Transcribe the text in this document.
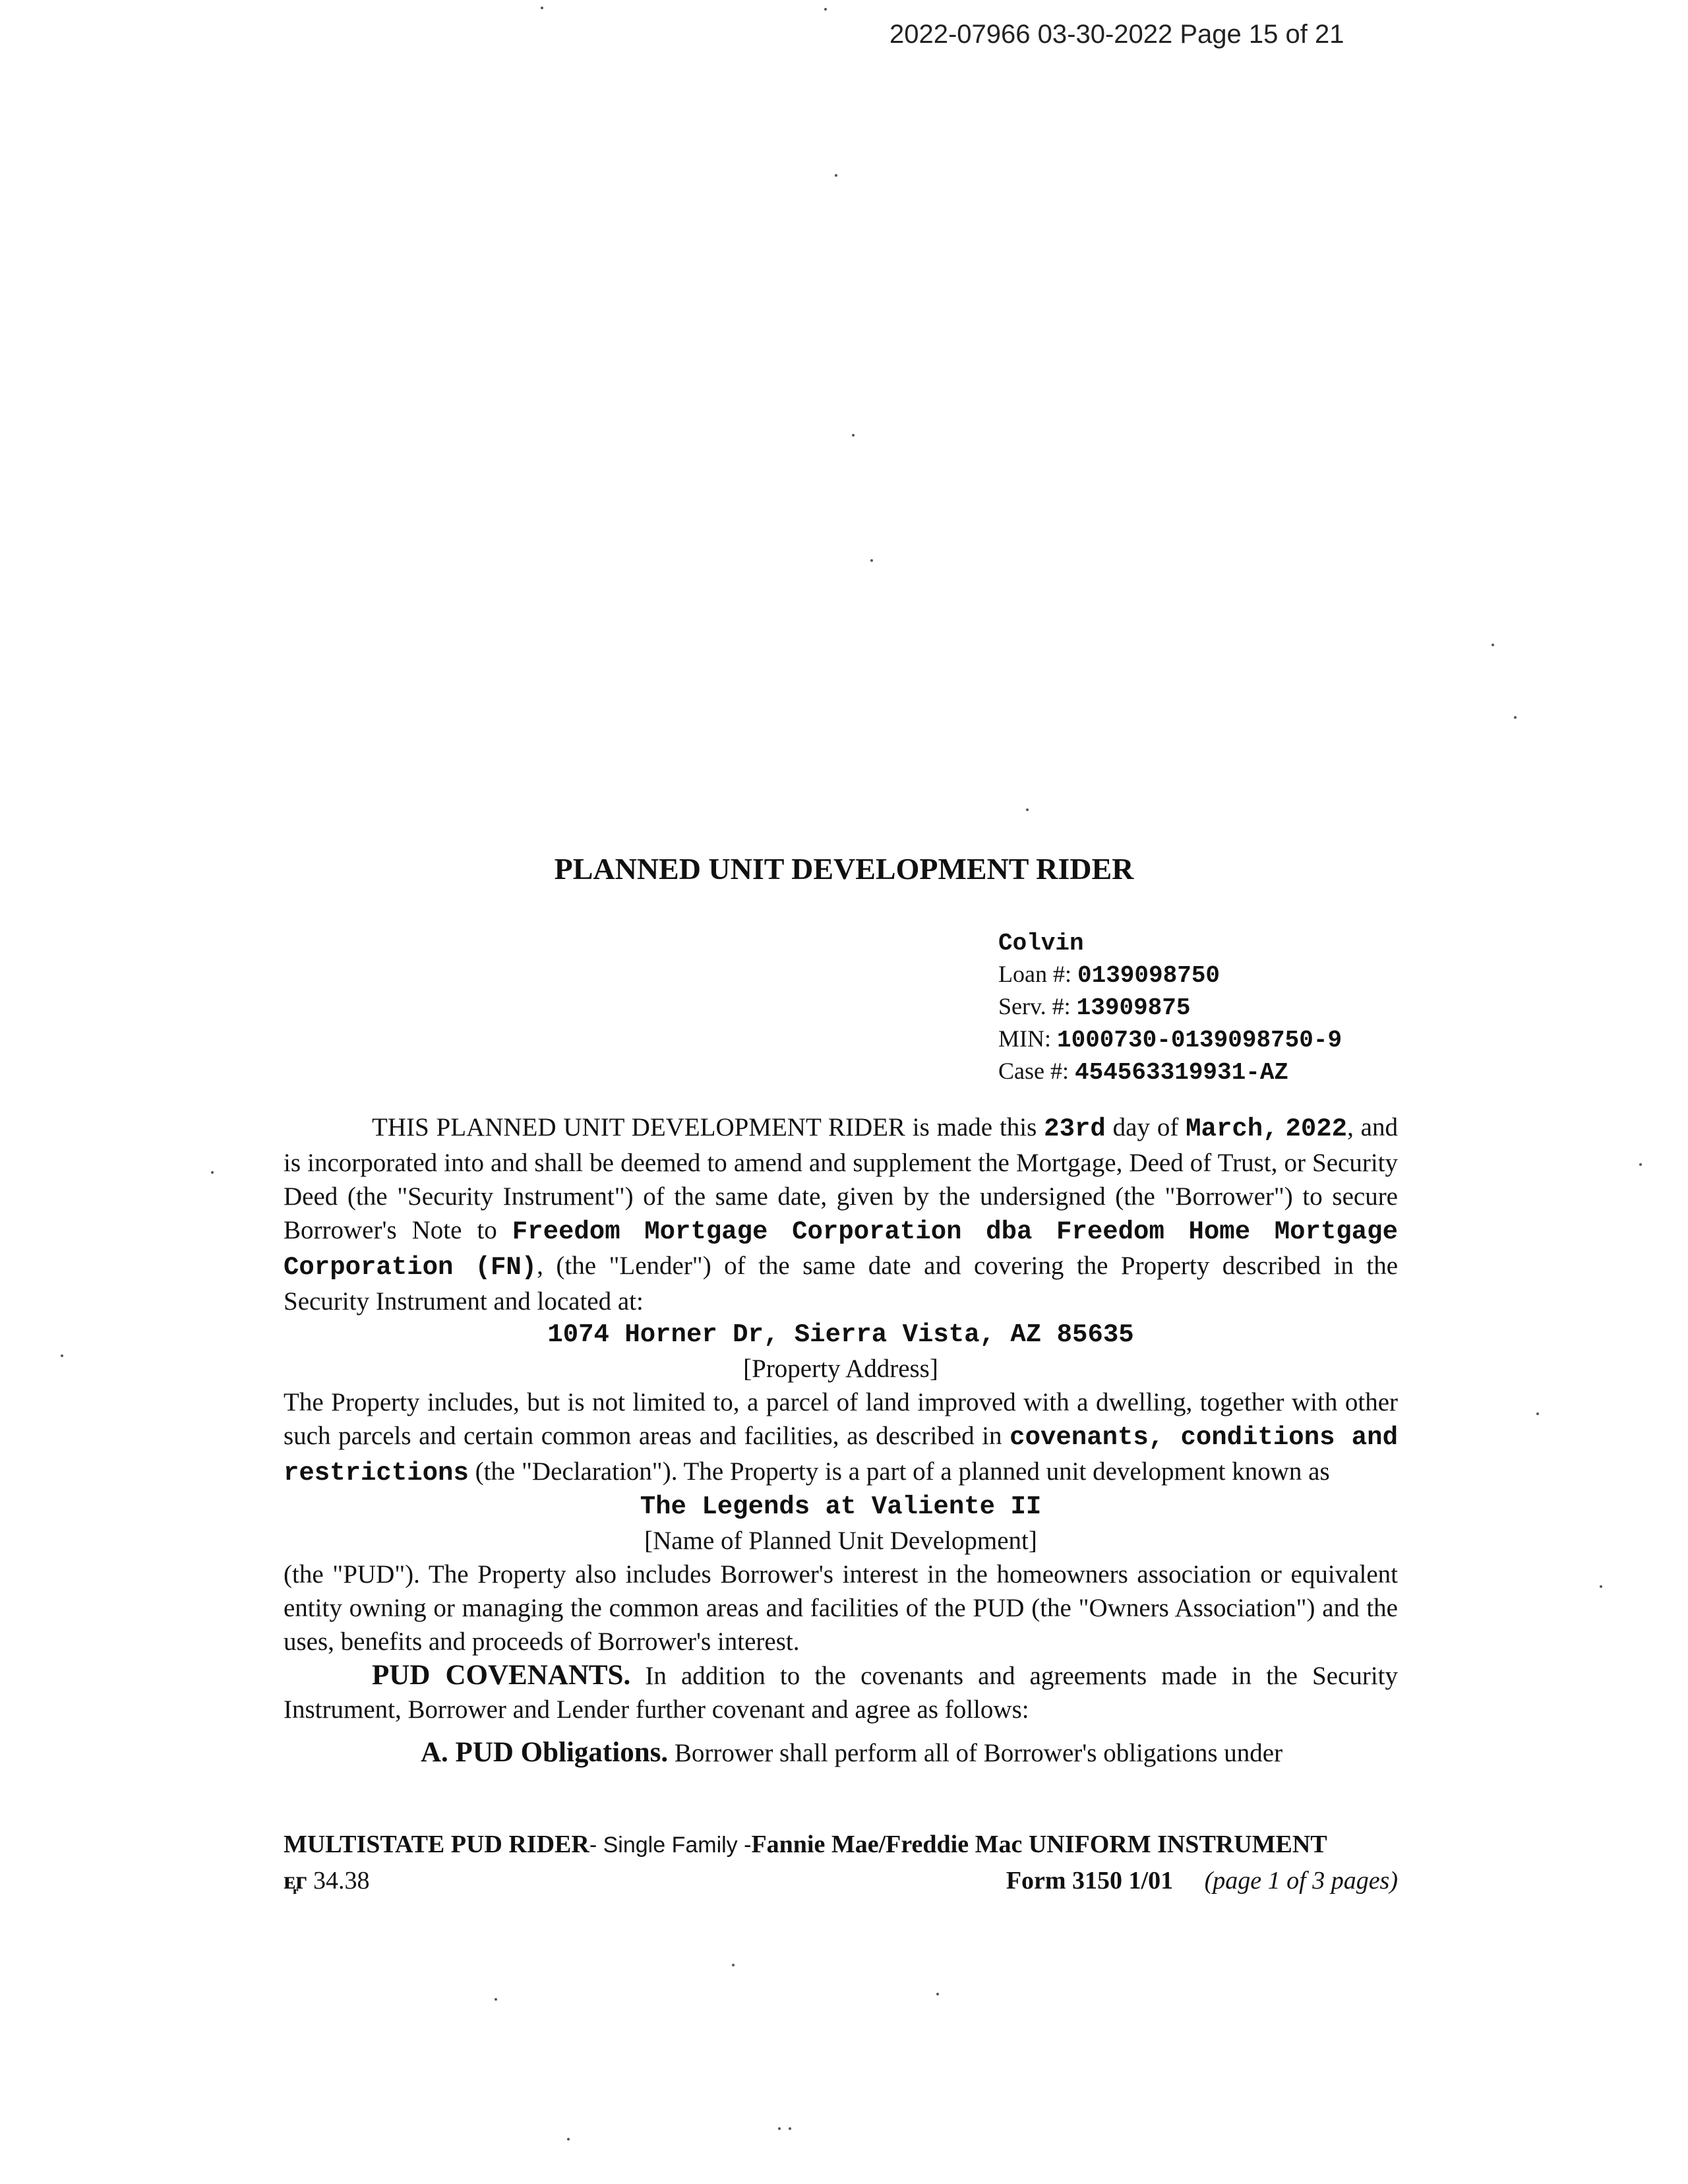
2022-07966 03-30-2022 Page 15 of 21
PLANNED UNIT DEVELOPMENT RIDER
Colvin
Loan #: 0139098750
Serv. #: 13909875
MIN: 1000730-0139098750-9
Case #: 454563319931-AZ

THIS PLANNED UNIT DEVELOPMENT RIDER is made this 23rd day of March, 2022, and is incorporated into and shall be deemed to amend and supplement the Mortgage, Deed of Trust, or Security Deed (the "Security Instrument") of the same date, given by the undersigned (the "Borrower") to secure Borrower's Note to Freedom Mortgage Corporation dba Freedom Home Mortgage Corporation (FN), (the "Lender") of the same date and covering the Property described in the Security Instrument and located at:

1074 Horner Dr, Sierra Vista, AZ 85635

[Property Address]

The Property includes, but is not limited to, a parcel of land improved with a dwelling, together with other such parcels and certain common areas and facilities, as described in covenants, conditions and restrictions (the "Declaration"). The Property is a part of a planned unit development known as

The Legends at Valiente II

[Name of Planned Unit Development]

(the "PUD"). The Property also includes Borrower's interest in the homeowners association or equivalent entity owning or managing the common areas and facilities of the PUD (the "Owners Association") and the uses, benefits and proceeds of Borrower's interest.

PUD COVENANTS. In addition to the covenants and agreements made in the Security Instrument, Borrower and Lender further covenant and agree as follows:

A. PUD Obligations. Borrower shall perform all of Borrower's obligations under

MULTISTATE PUD RIDER- Single Family -Fannie Mae/Freddie Mac UNIFORM INSTRUMENT
ᴇ᷊ᴦ 34.38	Form 3150 1/01 (page 1 of 3 pages)
